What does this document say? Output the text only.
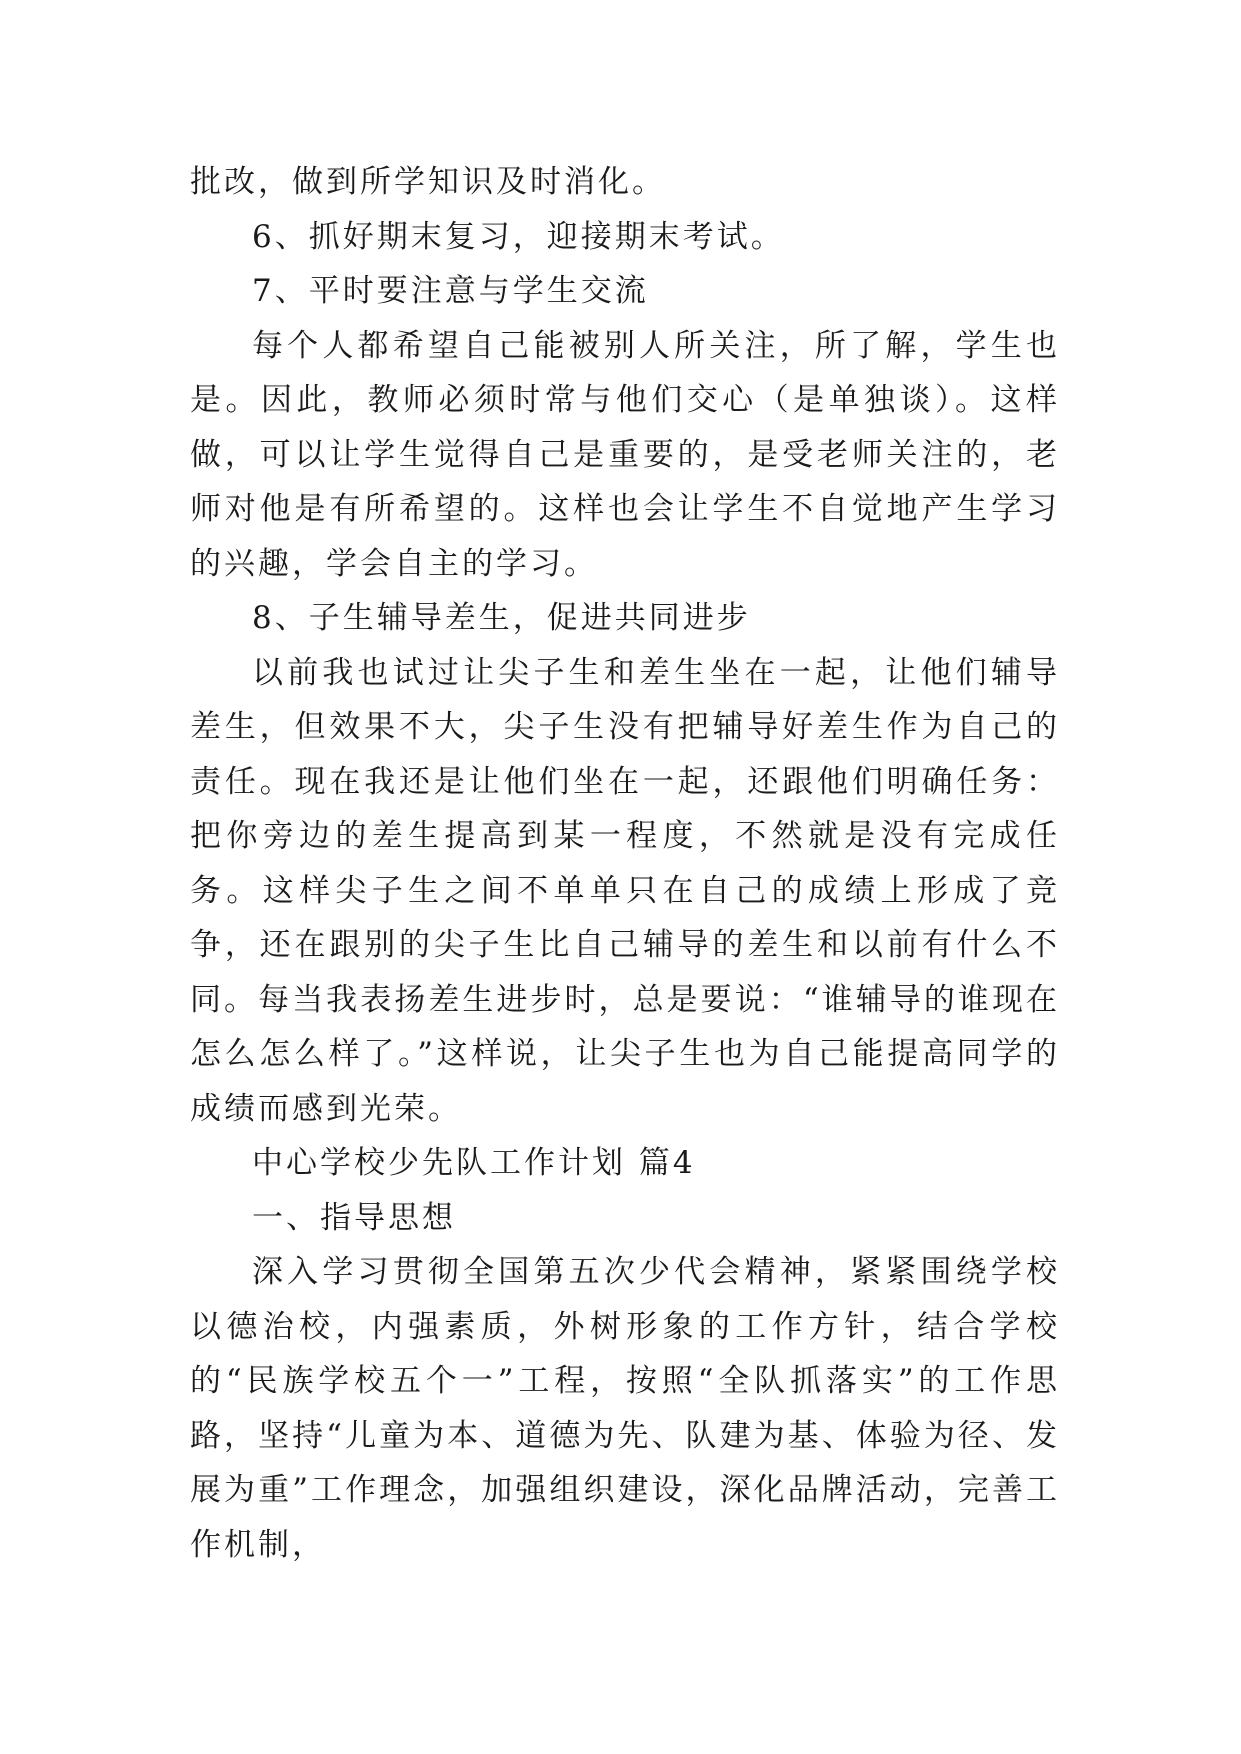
批改，做到所学知识及时消化。

6、抓好期末复习，迎接期末考试。

7、平时要注意与学生交流

每个人都希望自己能被别人所关注，所了解，学生也是。因此，教师必须时常与他们交心（是单独谈）。这样做，可以让学生觉得自己是重要的，是受老师关注的，老师对他是有所希望的。这样也会让学生不自觉地产生学习的兴趣，学会自主的学习。

8、子生辅导差生，促进共同进步

以前我也试过让尖子生和差生坐在一起，让他们辅导差生，但效果不大，尖子生没有把辅导好差生作为自己的责任。现在我还是让他们坐在一起，还跟他们明确任务：把你旁边的差生提高到某一程度，不然就是没有完成任务。这样尖子生之间不单单只在自己的成绩上形成了竞争，还在跟别的尖子生比自己辅导的差生和以前有什么不同。每当我表扬差生进步时，总是要说：“谁辅导的谁现在怎么怎么样了。”这样说，让尖子生也为自己能提高同学的成绩而感到光荣。

中心学校少先队工作计划 篇4

一、指导思想

深入学习贯彻全国第五次少代会精神，紧紧围绕学校以德治校，内强素质，外树形象的工作方针，结合学校的“民族学校五个一”工程，按照“全队抓落实”的工作思路，坚持“儿童为本、道德为先、队建为基、体验为径、发展为重”工作理念，加强组织建设，深化品牌活动，完善工作机制，
